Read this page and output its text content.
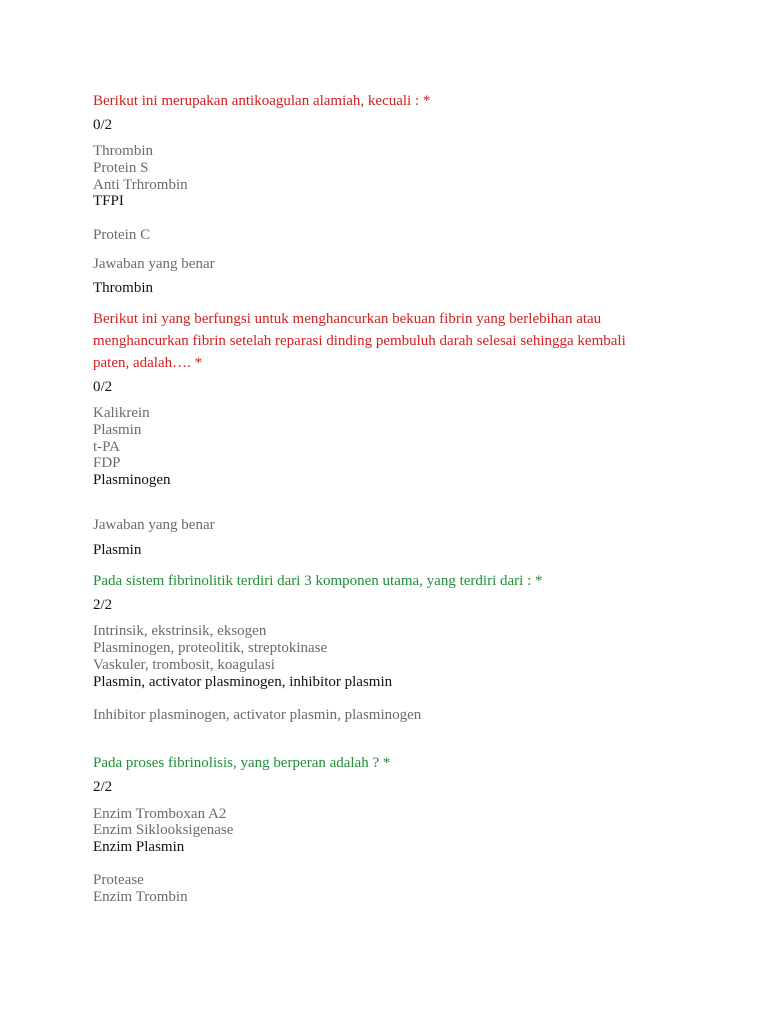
Berikut ini merupakan antikoagulan alamiah, kecuali : *
0/2
Thrombin
Protein S
Anti Trhrombin
TFPI
Protein C
Jawaban yang benar
Thrombin
Berikut ini yang berfungsi untuk menghancurkan bekuan fibrin yang berlebihan atau
menghancurkan fibrin setelah reparasi dinding pembuluh darah selesai sehingga kembali
paten, adalah…. *
0/2
Kalikrein
Plasmin
t-PA
FDP
Plasminogen
Jawaban yang benar
Plasmin
Pada sistem fibrinolitik terdiri dari 3 komponen utama, yang terdiri dari : *
2/2
Intrinsik, ekstrinsik, eksogen
Plasminogen, proteolitik, streptokinase
Vaskuler, trombosit, koagulasi
Plasmin, activator plasminogen, inhibitor plasmin
Inhibitor plasminogen, activator plasmin, plasminogen
Pada proses fibrinolisis, yang berperan adalah ? *
2/2
Enzim Tromboxan A2
Enzim Siklooksigenase
Enzim Plasmin
Protease
Enzim Trombin
